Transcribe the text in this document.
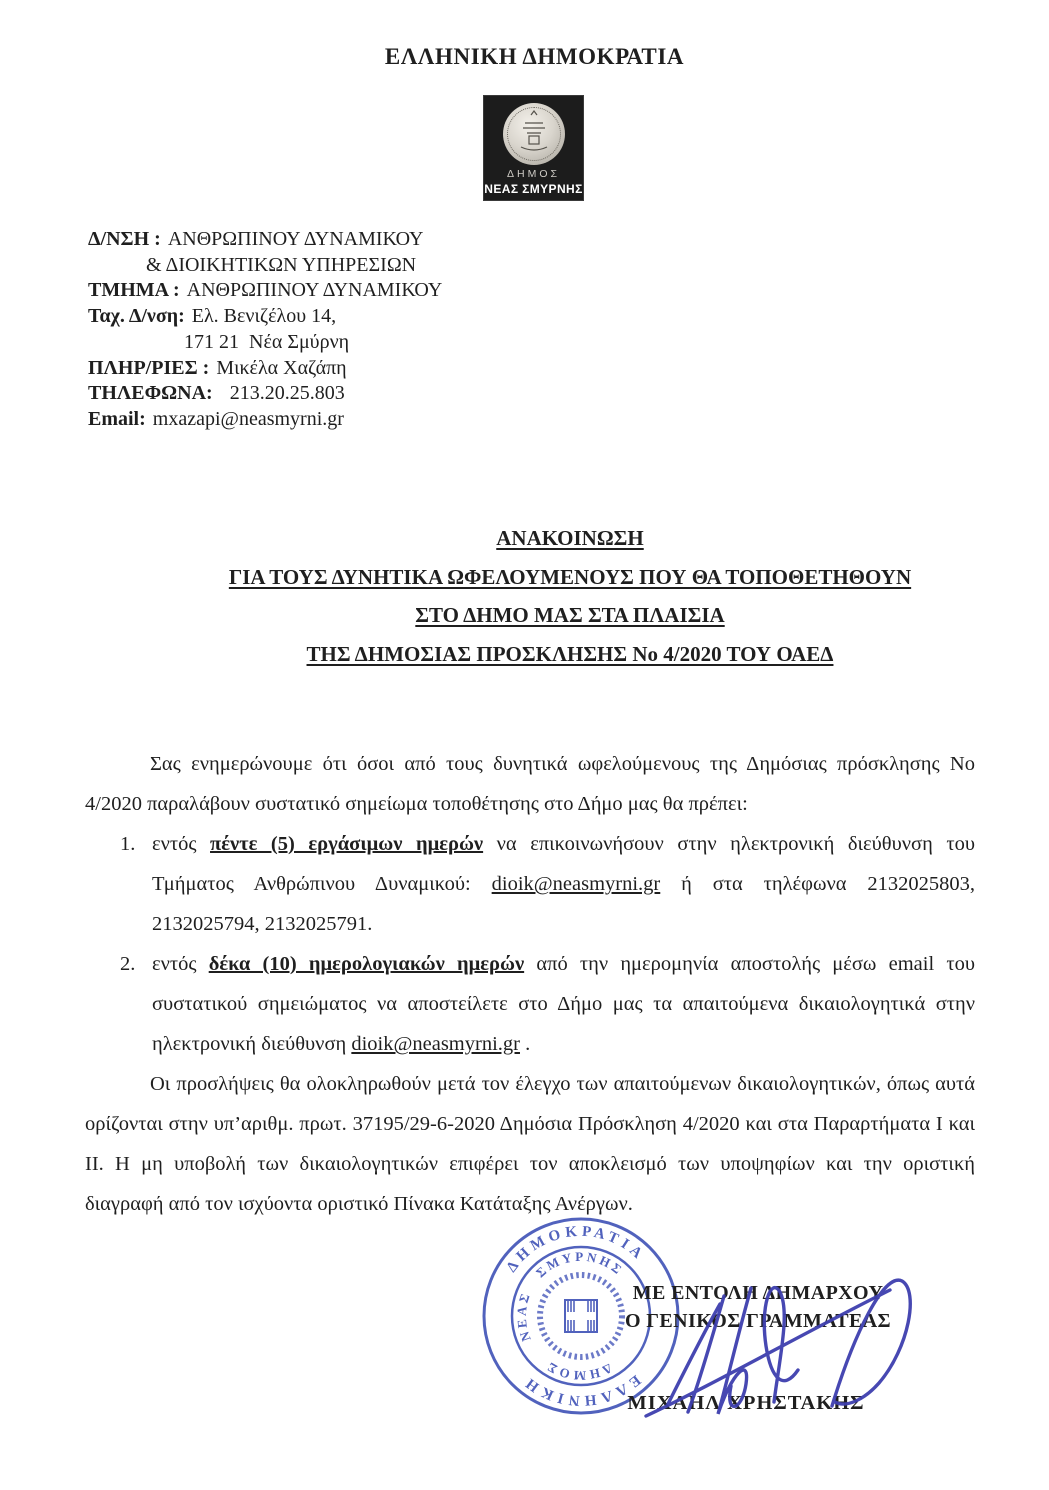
ΕΛΛΗΝΙΚΗ ΔΗΜΟΚΡΑΤΙΑ
ΔΗΜΟΣ
ΝΕΑΣ ΣΜΥΡΝΗΣ
Δ/ΝΣΗ : ΑΝΘΡΩΠΙΝΟΥ ΔΥΝΑΜΙΚΟΥ
& ΔΙΟΙΚΗΤΙΚΩΝ ΥΠΗΡΕΣΙΩΝ
ΤΜΗΜΑ : ΑΝΘΡΩΠΙΝΟΥ ΔΥΝΑΜΙΚΟΥ
Ταχ. Δ/νση: Ελ. Βενιζέλου 14,
171 21  Νέα Σμύρνη
ΠΛΗΡ/ΡΙΕΣ : Μικέλα Χαζάπη
ΤΗΛΕΦΩΝΑ:  213.20.25.803
Email: mxazapi@neasmyrni.gr
ΑΝΑΚΟΙΝΩΣΗ
ΓΙΑ ΤΟΥΣ ΔΥΝΗΤΙΚΑ ΩΦΕΛΟΥΜΕΝΟΥΣ ΠΟΥ ΘΑ ΤΟΠΟΘΕΤΗΘΟΥΝ
ΣΤΟ ΔΗΜΟ ΜΑΣ ΣΤΑ ΠΛΑΙΣΙΑ
ΤΗΣ ΔΗΜΟΣΙΑΣ ΠΡΟΣΚΛΗΣΗΣ Νο 4/2020 ΤΟΥ ΟΑΕΔ
Σας ενημερώνουμε ότι όσοι από τους δυνητικά ωφελούμενους της Δημόσιας πρόσκλησης Νο 4/2020 παραλάβουν συστατικό σημείωμα τοποθέτησης στο Δήμο μας θα πρέπει:
1. εντός πέντε (5) εργάσιμων ημερών να επικοινωνήσουν στην ηλεκτρονική διεύθυνση του Τμήματος Ανθρώπινου Δυναμικού: dioik@neasmyrni.gr ή στα τηλέφωνα 2132025803, 2132025794, 2132025791.
2. εντός δέκα (10) ημερολογιακών ημερών από την ημερομηνία αποστολής μέσω email του συστατικού σημειώματος να αποστείλετε στο Δήμο μας τα απαιτούμενα δικαιολογητικά στην ηλεκτρονική διεύθυνση dioik@neasmyrni.gr .
Οι προσλήψεις θα ολοκληρωθούν μετά τον έλεγχο των απαιτούμενων δικαιολογητικών, όπως αυτά ορίζονται στην υπ’αριθμ. πρωτ. 37195/29-6-2020 Δημόσια Πρόσκληση 4/2020 και στα Παραρτήματα Ι και ΙΙ. Η μη υποβολή των δικαιολογητικών επιφέρει τον αποκλεισμό των υποψηφίων και την οριστική διαγραφή από τον ισχύοντα οριστικό Πίνακα Κατάταξης Ανέργων.
ΕΛΛΗΝΙΚΗ
ΔΗΜΟΚΡΑΤΙΑ
ΔΗΜΟΣ
ΝΕΑΣ
ΣΜΥΡΝΗΣ
ΜΕ ΕΝΤΟΛΗ ΔΗΜΑΡΧΟΥ
Ο ΓΕΝΙΚΟΣ ΓΡΑΜΜΑΤΕΑΣ
ΜΙΧΑΗΛ ΧΡΗΣΤΑΚΗΣ
